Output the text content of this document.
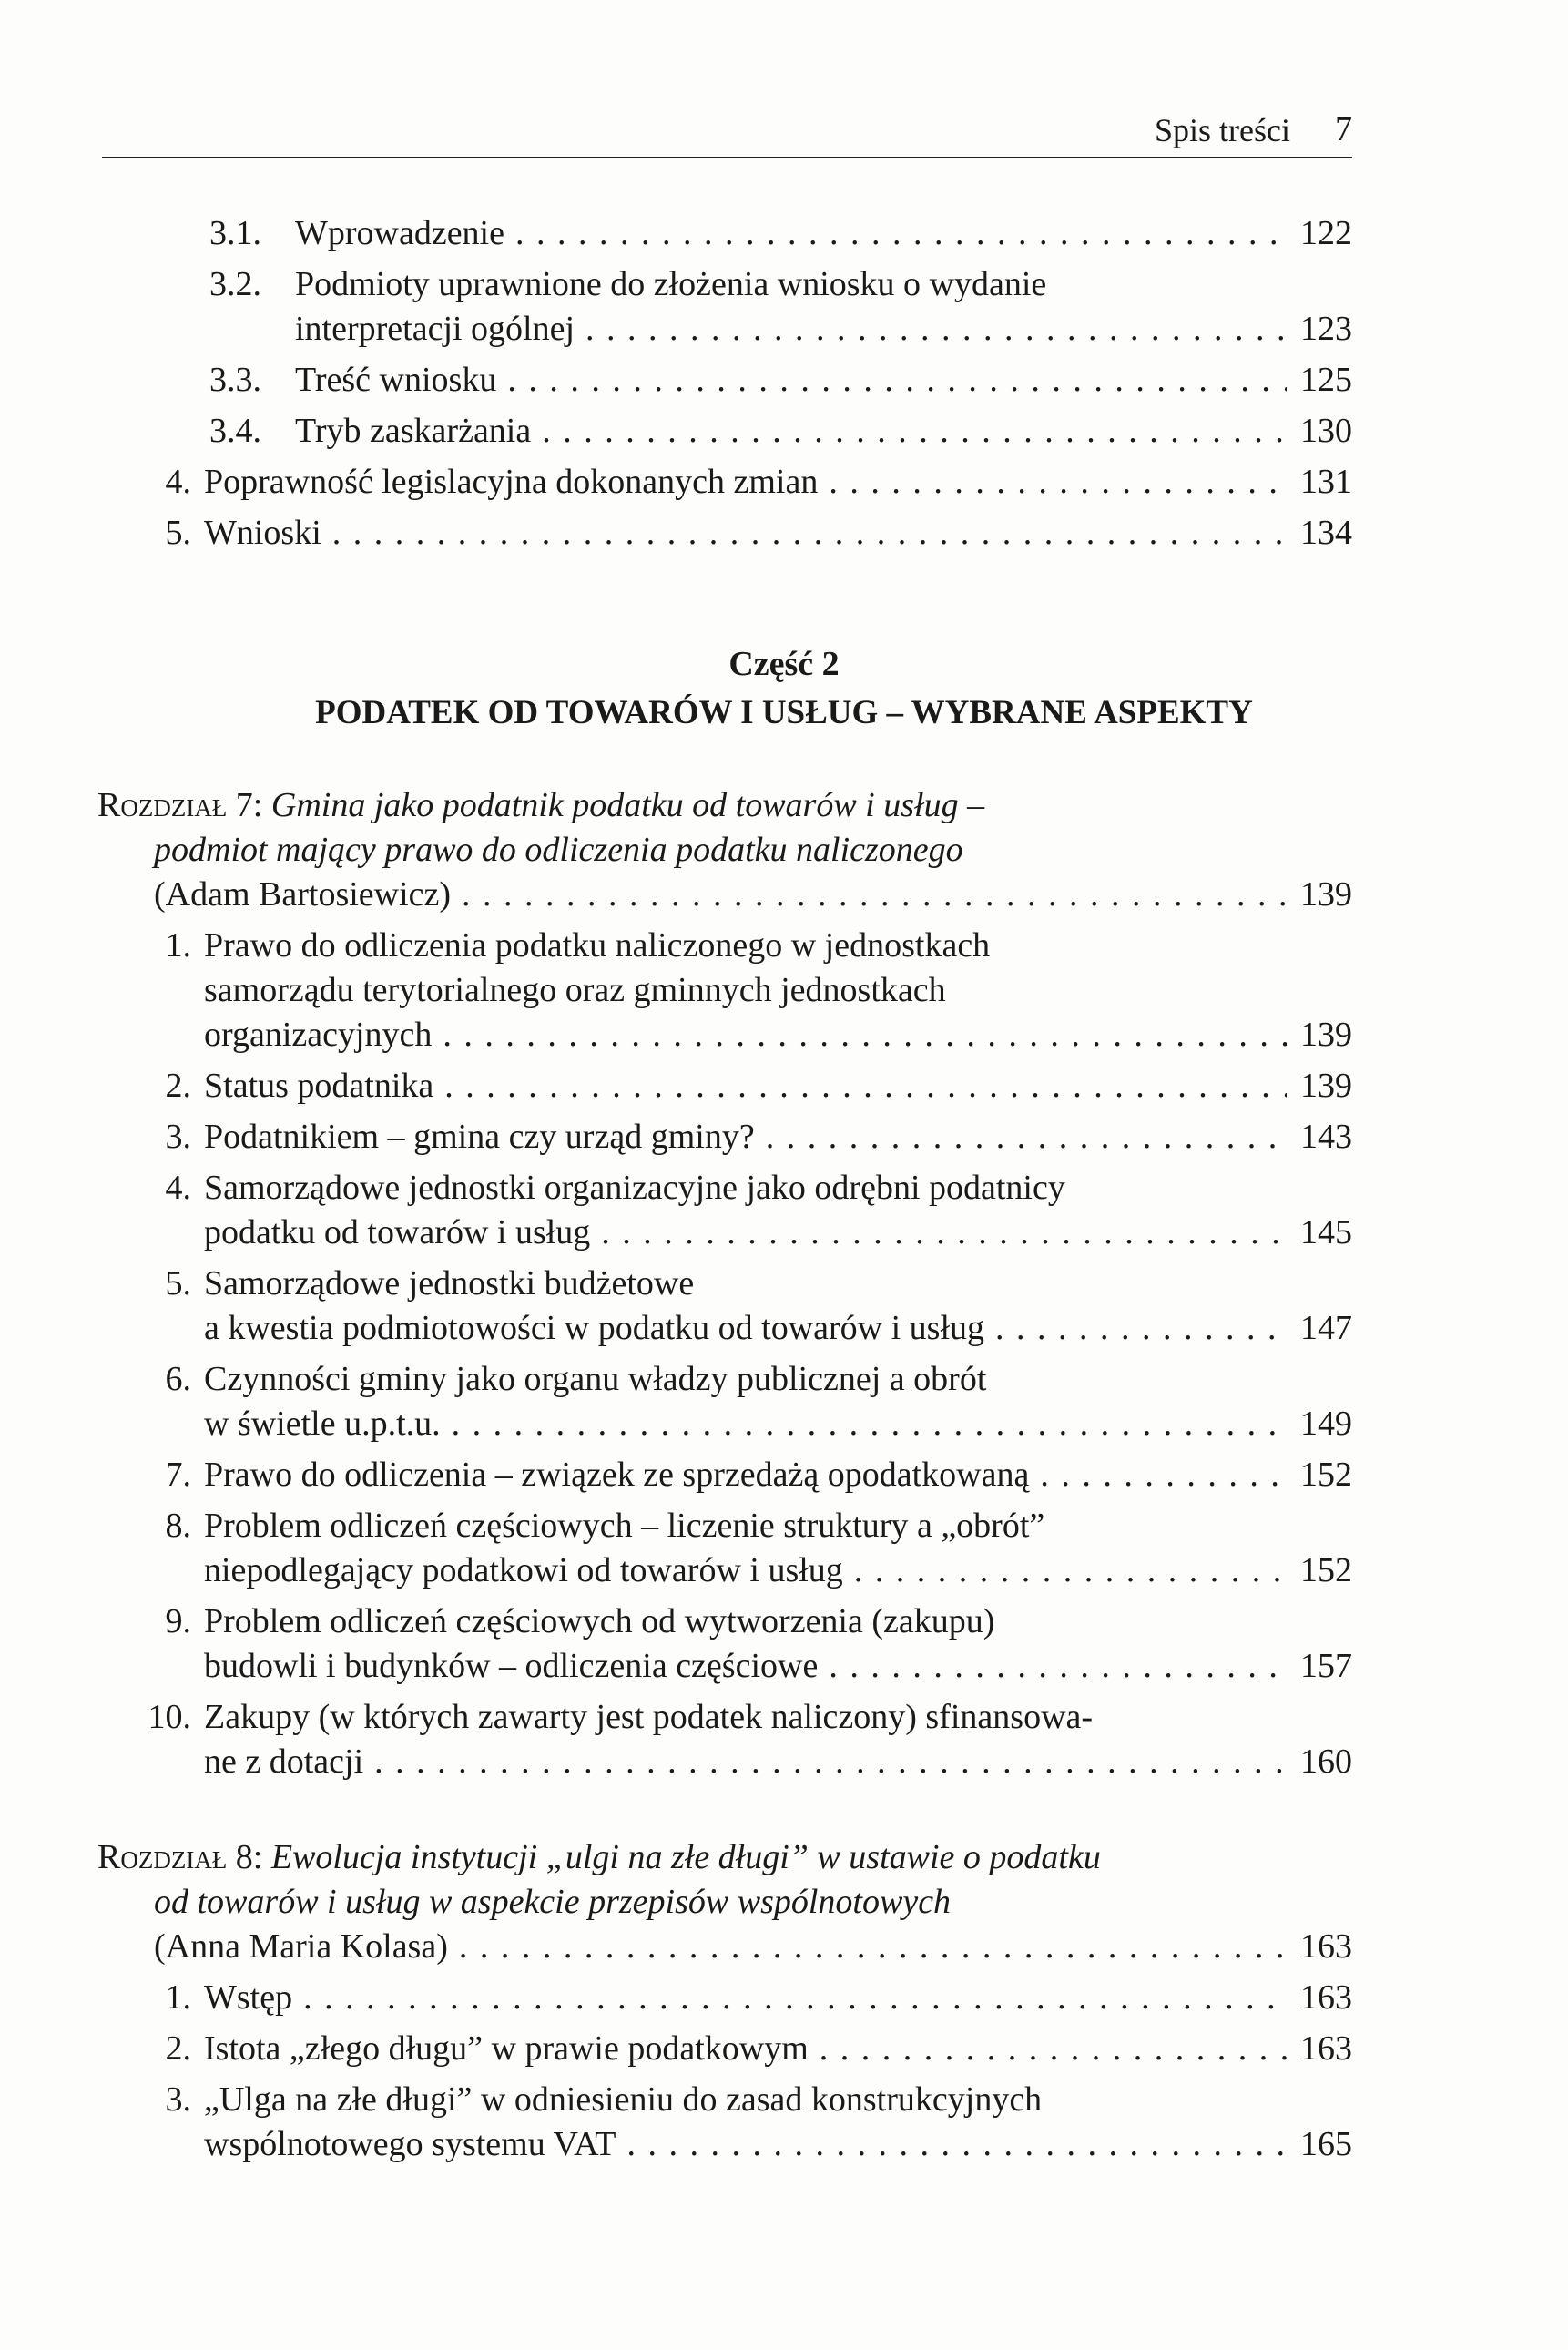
Spis treści 7
3.1. Wprowadzenie . . .	122
3.2. Podmioty uprawnione do złożenia wniosku o wydanie
interpretacji ogólnej . . .	123
3.3. Treść wniosku . . .	125
3.4. Tryb zaskarżania . . .	130
4. Poprawność legislacyjna dokonanych zmian . . .	131
5. Wnioski . . .	134
Część 2
PODATEK OD TOWARÓW I USŁUG – WYBRANE ASPEKTY
Rozdział 7: Gmina jako podatnik podatku od towarów i usług –
podmiot mający prawo do odliczenia podatku naliczonego
(Adam Bartosiewicz) . . .	139
1. Prawo do odliczenia podatku naliczonego w jednostkach
samorządu terytorialnego oraz gminnych jednostkach
organizacyjnych . . .	139
2. Status podatnika . . .	139
3. Podatnikiem – gmina czy urząd gminy? . . .	143
4. Samorządowe jednostki organizacyjne jako odrębni podatnicy
podatku od towarów i usług . . .	145
5. Samorządowe jednostki budżetowe
a kwestia podmiotowości w podatku od towarów i usług . . .	147
6. Czynności gminy jako organu władzy publicznej a obrót
w świetle u.p.t.u. . . .	149
7. Prawo do odliczenia – związek ze sprzedażą opodatkowaną . . .	152
8. Problem odliczeń częściowych – liczenie struktury a „obrót”
niepodlegający podatkowi od towarów i usług . . .	152
9. Problem odliczeń częściowych od wytworzenia (zakupu)
budowli i budynków – odliczenia częściowe . . .	157
10. Zakupy (w których zawarty jest podatek naliczony) sfinansowa-
ne z dotacji . . .	160
Rozdział 8: Ewolucja instytucji „ulgi na złe długi” w ustawie o podatku
od towarów i usług w aspekcie przepisów wspólnotowych
(Anna Maria Kolasa) . . .	163
1. Wstęp . . .	163
2. Istota „złego długu” w prawie podatkowym . . .	163
3. „Ulga na złe długi” w odniesieniu do zasad konstrukcyjnych
wspólnotowego systemu VAT . . .	165
